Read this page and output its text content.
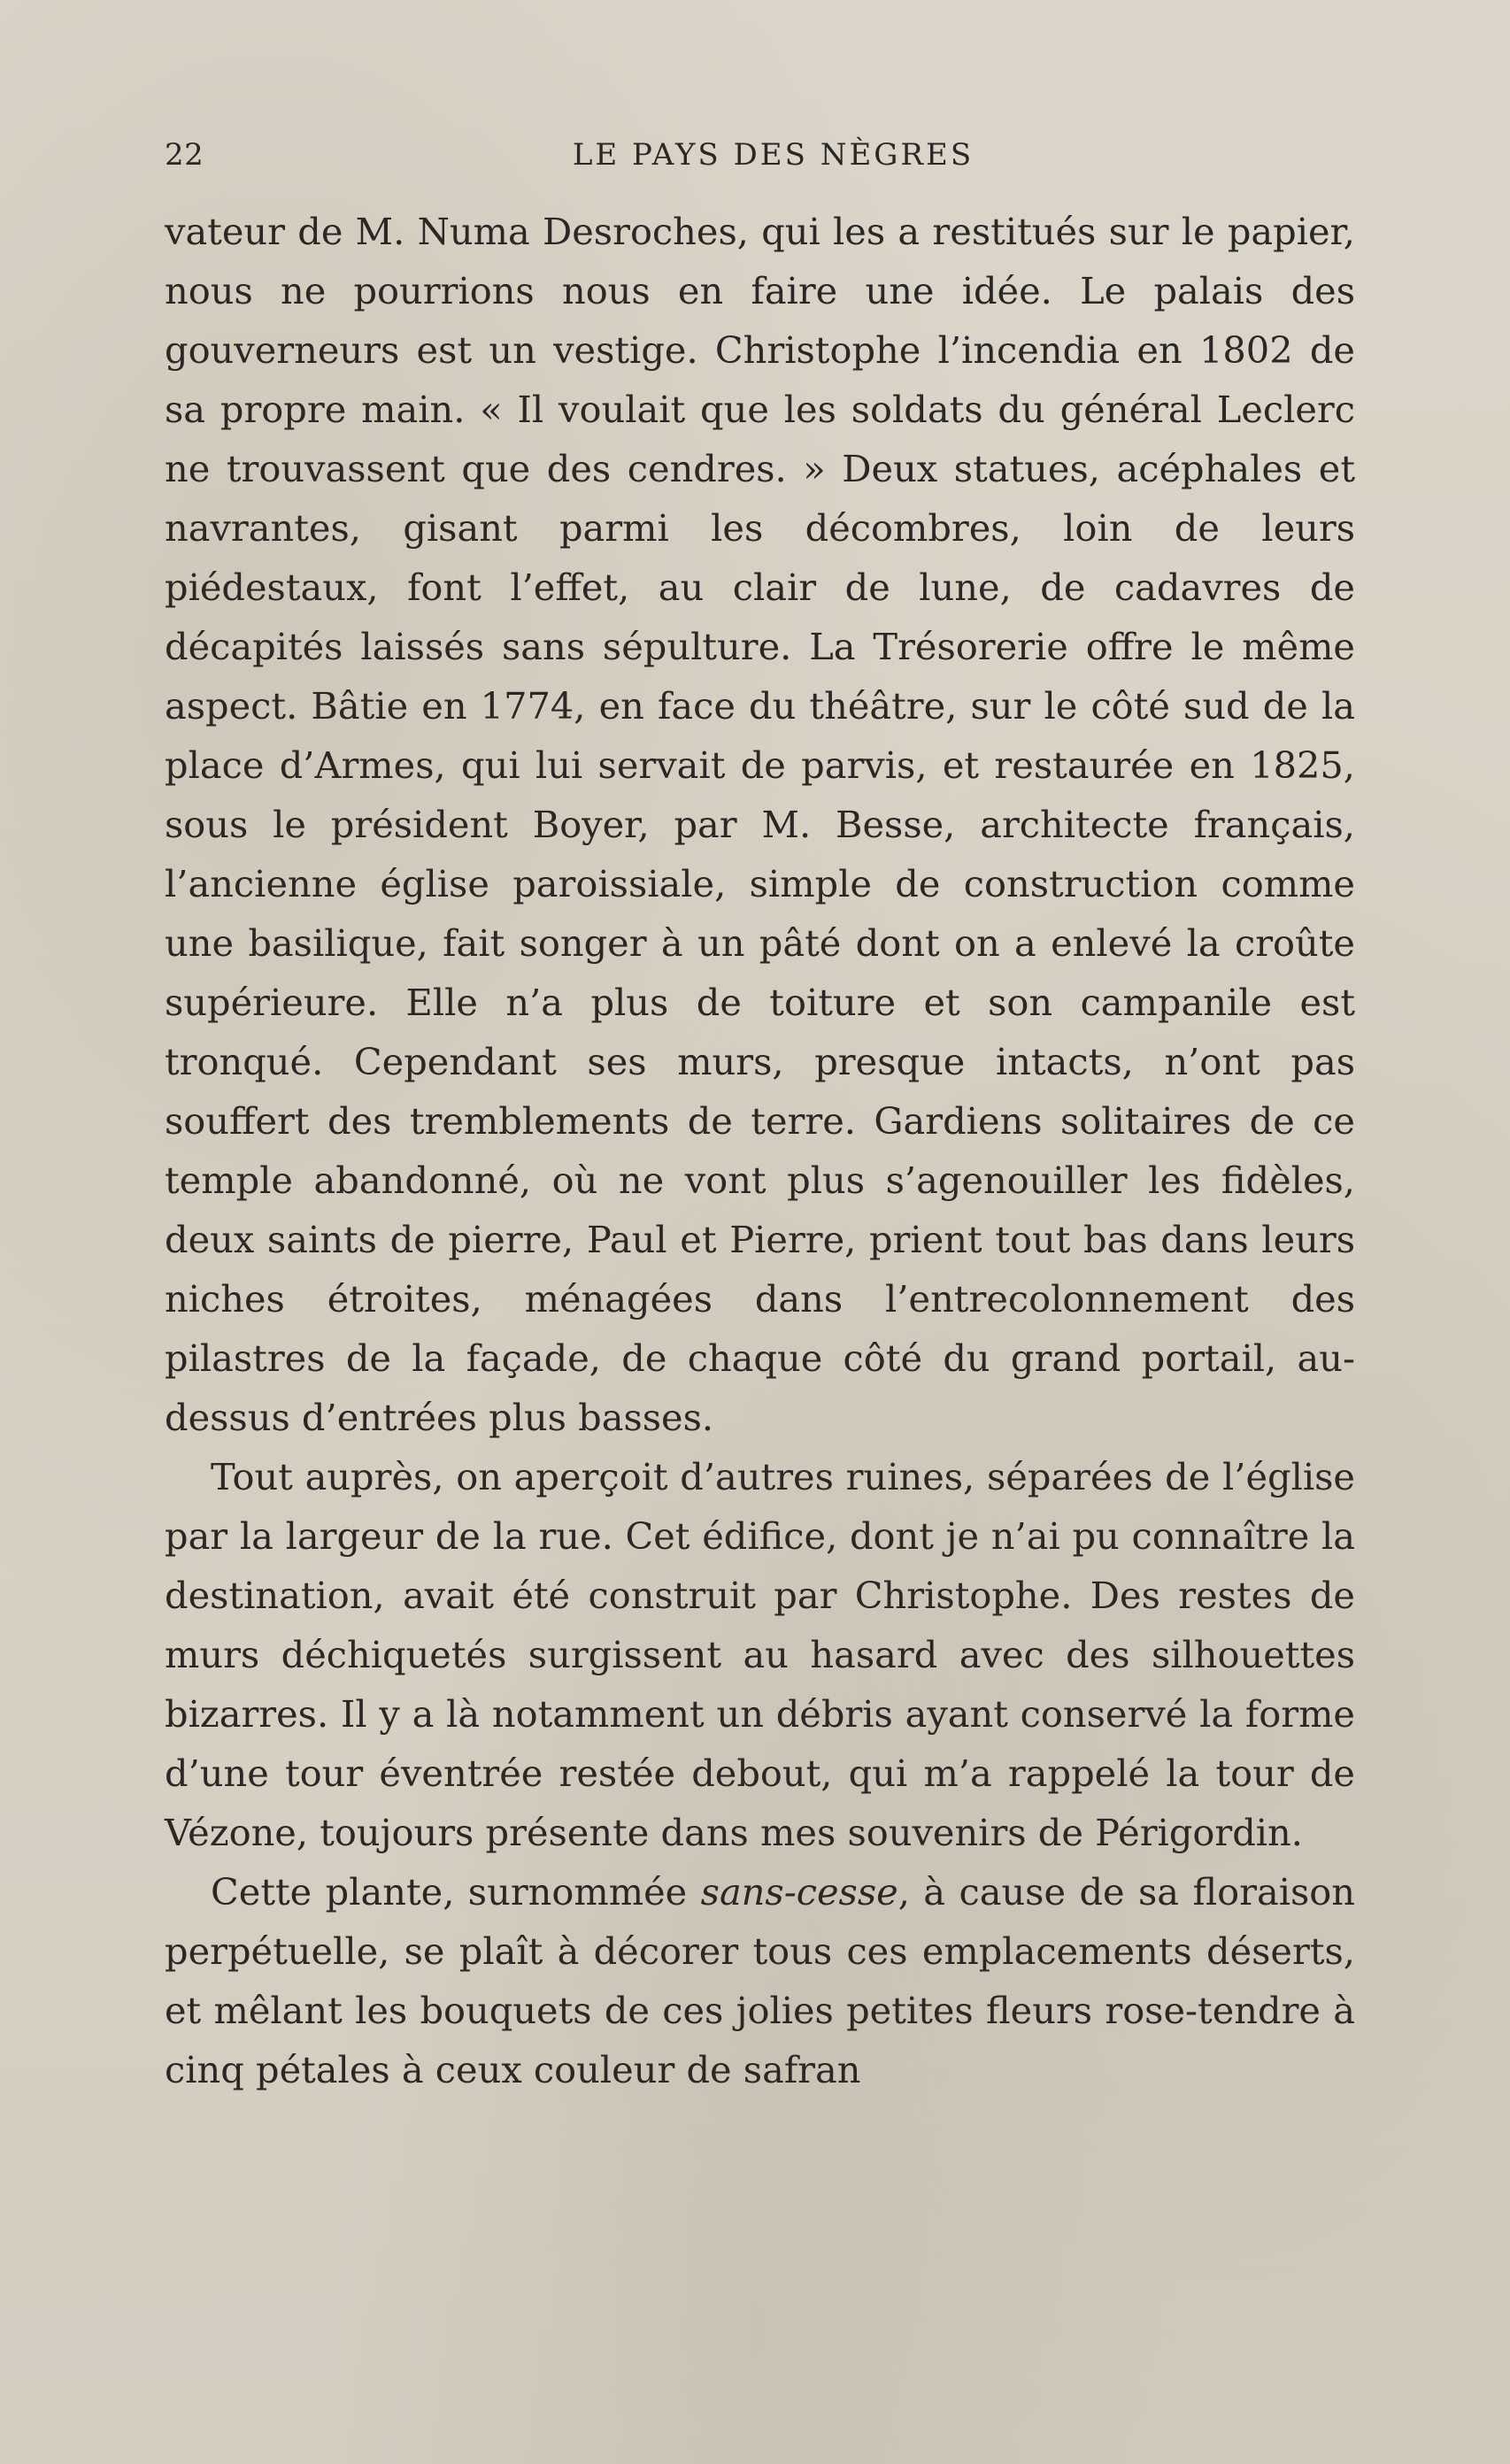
22	LE PAYS DES NÈGRES

vateur de M. Numa Desroches, qui les a restitués sur le papier, nous ne pourrions nous en faire une idée. Le palais des gouverneurs est un vestige. Christophe l’incendia en 1802 de sa propre main. « Il voulait que les soldats du général Leclerc ne trouvassent que des cendres. » Deux statues, acéphales et navrantes, gisant parmi les décombres, loin de leurs piédestaux, font l’effet, au clair de lune, de cadavres de décapités laissés sans sépulture. La Trésorerie offre le même aspect. Bâtie en 1774, en face du théâtre, sur le côté sud de la place d’Armes, qui lui servait de parvis, et restaurée en 1825, sous le président Boyer, par M. Besse, architecte français, l’ancienne église paroissiale, simple de construction comme une basilique, fait songer à un pâté dont on a enlevé la croûte supérieure. Elle n’a plus de toiture et son campanile est tronqué. Cependant ses murs, presque intacts, n’ont pas souffert des tremblements de terre. Gardiens solitaires de ce temple abandonné, où ne vont plus s’agenouiller les fidèles, deux saints de pierre, Paul et Pierre, prient tout bas dans leurs niches étroites, ménagées dans l’entrecolonnement des pilastres de la façade, de chaque côté du grand portail, au-dessus d’entrées plus basses.

Tout auprès, on aperçoit d’autres ruines, séparées de l’église par la largeur de la rue. Cet édifice, dont je n’ai pu connaître la destination, avait été construit par Christophe. Des restes de murs déchiquetés surgissent au hasard avec des silhouettes bizarres. Il y a là notamment un débris ayant conservé la forme d’une tour éventrée restée debout, qui m’a rappelé la tour de Vézone, toujours présente dans mes souvenirs de Périgordin.

Cette plante, surnommée sans-cesse, à cause de sa floraison perpétuelle, se plaît à décorer tous ces emplacements déserts, et mêlant les bouquets de ces jolies petites fleurs rose-tendre à cinq pétales à ceux couleur de safran
